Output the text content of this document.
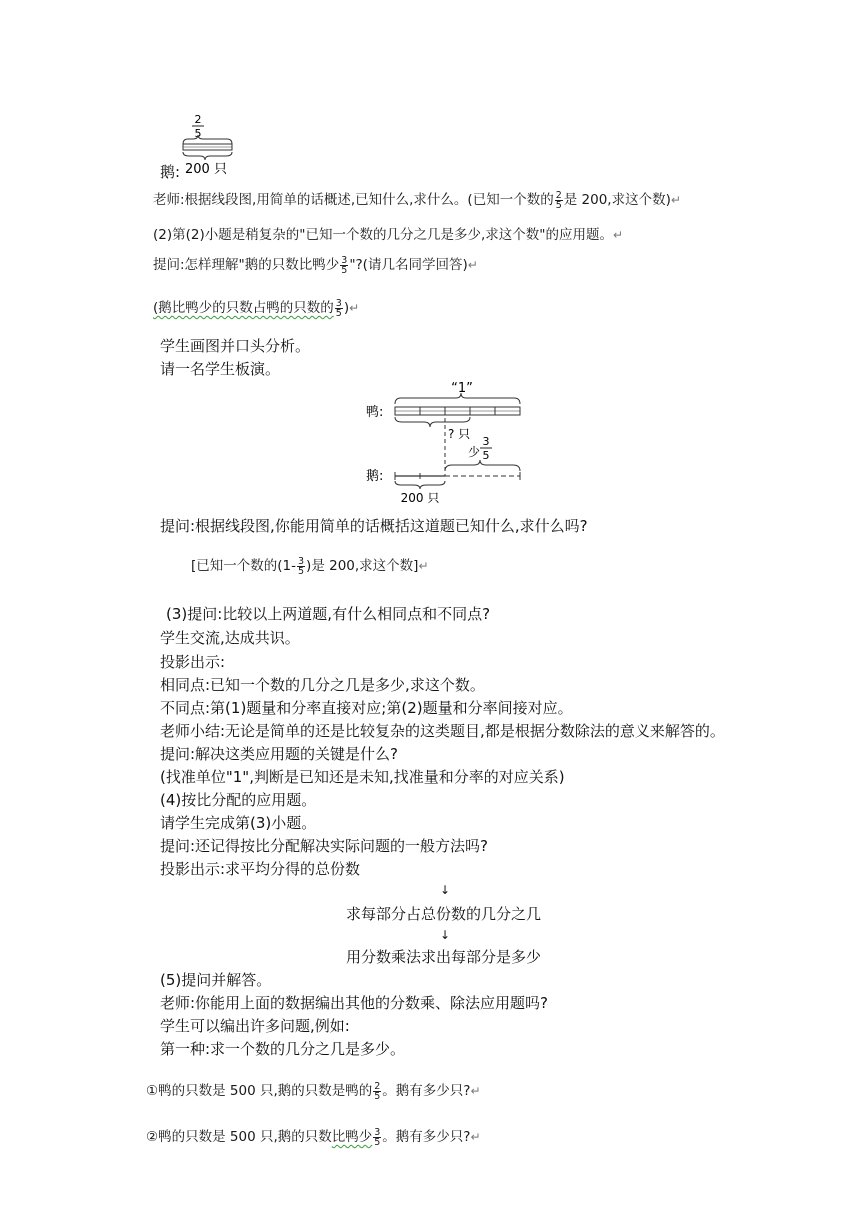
2
5
200 只
鹅:
老师:根据线段图,用简单的话概述,已知什么,求什么。(已知一个数的 $\frac{2}{5}$ 是 200,求这个数)↵
(2)第(2)小题是稍复杂的"已知一个数的几分之几是多少,求这个数"的应用题。↵
提问:怎样理解"鹅的只数比鸭少 $\frac{3}{5}$ "?(请几名同学回答)↵
(鹅比鸭少的只数占鸭的只数的 $\frac{3}{5}$ )↵
学生画图并口头分析。
请一名学生板演。
“1”
鸭:
? 只
少
3
5
鹅:
200 只
提问:根据线段图,你能用简单的话概括这道题已知什么,求什么吗?
[已知一个数的($1- \frac{3}{5}$ )是 200,求这个数]↵
(3)提问:比较以上两道题,有什么相同点和不同点?
学生交流,达成共识。
投影出示:
相同点:已知一个数的几分之几是多少,求这个数。
不同点:第(1)题量和分率直接对应;第(2)题量和分率间接对应。
老师小结:无论是简单的还是比较复杂的这类题目,都是根据分数除法的意义来解答的。
提问:解决这类应用题的关键是什么?
(找准单位"1",判断是已知还是未知,找准量和分率的对应关系)
(4)按比分配的应用题。
请学生完成第(3)小题。
提问:还记得按比分配解决实际问题的一般方法吗?
投影出示:求平均分得的总份数
↓
求每部分占总份数的几分之几
↓
用分数乘法求出每部分是多少
(5)提问并解答。
老师:你能用上面的数据编出其他的分数乘、除法应用题吗?
学生可以编出许多问题,例如:
第一种:求一个数的几分之几是多少。
①鸭的只数是 500 只,鹅的只数是鸭的 $\frac{2}{5}$ 。鹅有多少只?↵
②鸭的只数是 500 只,鹅的只数比鸭少 $\frac{3}{5}$ 。鹅有多少只?↵
